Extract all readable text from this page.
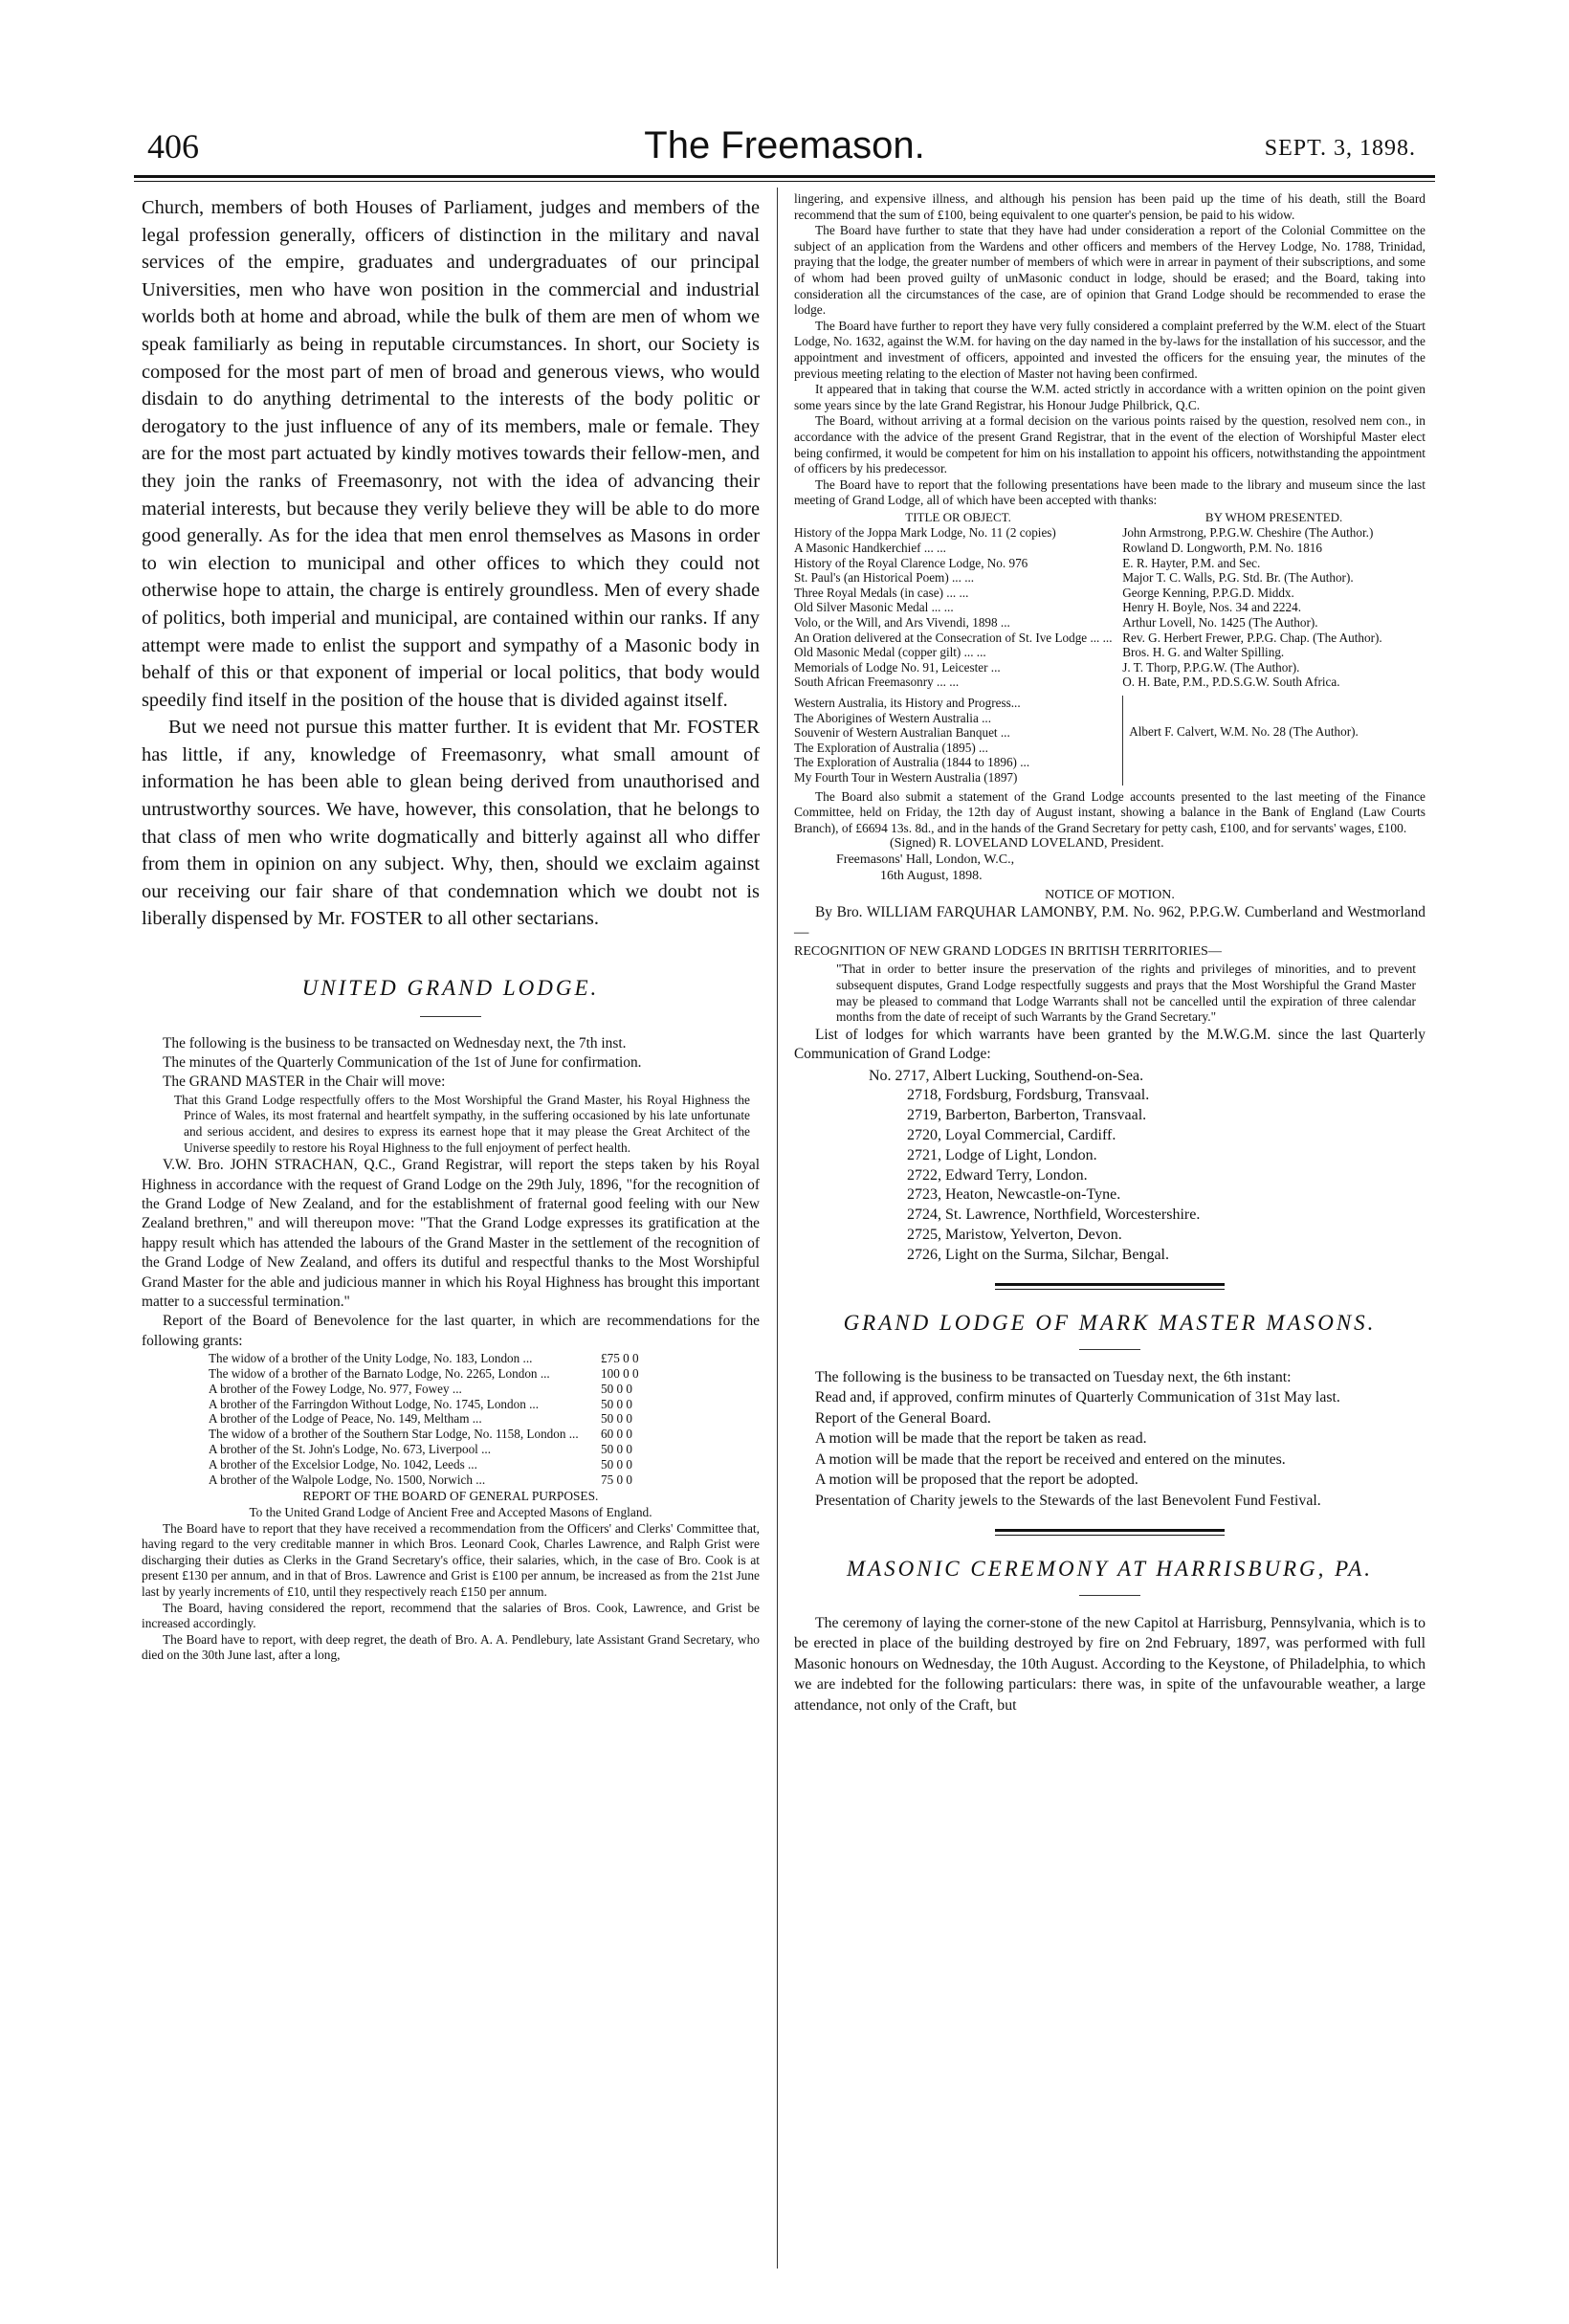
406	The Freemason.	SEPT. 3, 1898.

Church, members of both Houses of Parliament, judges and members of the legal profession generally, officers of distinction in the military and naval services of the empire, graduates and undergraduates of our principal Universities, men who have won position in the commercial and industrial worlds both at home and abroad, while the bulk of them are men of whom we speak familiarly as being in reputable circumstances. In short, our Society is composed for the most part of men of broad and generous views, who would disdain to do anything detrimental to the interests of the body politic or derogatory to the just influence of any of its members, male or female. They are for the most part actuated by kindly motives towards their fellow-men, and they join the ranks of Freemasonry, not with the idea of advancing their material interests, but because they verily believe they will be able to do more good generally. As for the idea that men enrol themselves as Masons in order to win election to municipal and other offices to which they could not otherwise hope to attain, the charge is entirely groundless. Men of every shade of politics, both imperial and municipal, are contained within our ranks. If any attempt were made to enlist the support and sympathy of a Masonic body in behalf of this or that exponent of imperial or local politics, that body would speedily find itself in the position of the house that is divided against itself.

But we need not pursue this matter further. It is evident that Mr. FOSTER has little, if any, knowledge of Freemasonry, what small amount of information he has been able to glean being derived from unauthorised and untrustworthy sources. We have, however, this consolation, that he belongs to that class of men who write dogmatically and bitterly against all who differ from them in opinion on any subject. Why, then, should we exclaim against our receiving our fair share of that condemnation which we doubt not is liberally dispensed by Mr. FOSTER to all other sectarians.

UNITED GRAND LODGE.

The following is the business to be transacted on Wednesday next, the 7th inst.

The minutes of the Quarterly Communication of the 1st of June for confirmation.

The GRAND MASTER in the Chair will move:

That this Grand Lodge respectfully offers to the Most Worshipful the Grand Master, his Royal Highness the Prince of Wales, its most fraternal and heartfelt sympathy, in the suffering occasioned by his late unfortunate and serious accident, and desires to express its earnest hope that it may please the Great Architect of the Universe speedily to restore his Royal Highness to the full enjoyment of perfect health.

V.W. Bro. JOHN STRACHAN, Q.C., Grand Registrar, will report the steps taken by his Royal Highness in accordance with the request of Grand Lodge on the 29th July, 1896, "for the recognition of the Grand Lodge of New Zealand, and for the establishment of fraternal good feeling with our New Zealand brethren," and will thereupon move: "That the Grand Lodge expresses its gratification at the happy result which has attended the labours of the Grand Master in the settlement of the recognition of the Grand Lodge of New Zealand, and offers its dutiful and respectful thanks to the Most Worshipful Grand Master for the able and judicious manner in which his Royal Highness has brought this important matter to a successful termination."

Report of the Board of Benevolence for the last quarter, in which are recommendations for the following grants:

The widow of a brother of the Unity Lodge, No. 183, London ...	£75 0 0
The widow of a brother of the Barnato Lodge, No. 2265, London ...	100 0 0
A brother of the Fowey Lodge, No. 977, Fowey ...	50 0 0
A brother of the Farringdon Without Lodge, No. 1745, London ...	50 0 0
A brother of the Lodge of Peace, No. 149, Meltham ...	50 0 0
The widow of a brother of the Southern Star Lodge, No. 1158, London ...	60 0 0
A brother of the St. John's Lodge, No. 673, Liverpool ...	50 0 0
A brother of the Excelsior Lodge, No. 1042, Leeds ...	50 0 0
A brother of the Walpole Lodge, No. 1500, Norwich ...	75 0 0
REPORT OF THE BOARD OF GENERAL PURPOSES.
To the United Grand Lodge of Ancient Free and Accepted Masons of England.

The Board have to report that they have received a recommendation from the Officers' and Clerks' Committee that, having regard to the very creditable manner in which Bros. Leonard Cook, Charles Lawrence, and Ralph Grist were discharging their duties as Clerks in the Grand Secretary's office, their salaries, which, in the case of Bro. Cook is at present £130 per annum, and in that of Bros. Lawrence and Grist is £100 per annum, be increased as from the 21st June last by yearly increments of £10, until they respectively reach £150 per annum.

The Board, having considered the report, recommend that the salaries of Bros. Cook, Lawrence, and Grist be increased accordingly.

The Board have to report, with deep regret, the death of Bro. A. A. Pendlebury, late Assistant Grand Secretary, who died on the 30th June last, after a long,

lingering, and expensive illness, and although his pension has been paid up the time of his death, still the Board recommend that the sum of £100, being equivalent to one quarter's pension, be paid to his widow.

The Board have further to state that they have had under consideration a report of the Colonial Committee on the subject of an application from the Wardens and other officers and members of the Hervey Lodge, No. 1788, Trinidad, praying that the lodge, the greater number of members of which were in arrear in payment of their subscriptions, and some of whom had been proved guilty of unMasonic conduct in lodge, should be erased; and the Board, taking into consideration all the circumstances of the case, are of opinion that Grand Lodge should be recommended to erase the lodge.

The Board have further to report they have very fully considered a complaint preferred by the W.M. elect of the Stuart Lodge, No. 1632, against the W.M. for having on the day named in the by-laws for the installation of his successor, and the appointment and investment of officers, appointed and invested the officers for the ensuing year, the minutes of the previous meeting relating to the election of Master not having been confirmed.

It appeared that in taking that course the W.M. acted strictly in accordance with a written opinion on the point given some years since by the late Grand Registrar, his Honour Judge Philbrick, Q.C.

The Board, without arriving at a formal decision on the various points raised by the question, resolved nem con., in accordance with the advice of the present Grand Registrar, that in the event of the election of Worshipful Master elect being confirmed, it would be competent for him on his installation to appoint his officers, notwithstanding the appointment of officers by his predecessor.

The Board have to report that the following presentations have been made to the library and museum since the last meeting of Grand Lodge, all of which have been accepted with thanks:

TITLE OR OBJECT.	BY WHOM PRESENTED.
History of the Joppa Mark Lodge, No. 11 (2 copies)	John Armstrong, P.P.G.W. Cheshire (The Author.)
A Masonic Handkerchief ... ...	Rowland D. Longworth, P.M. No. 1816
History of the Royal Clarence Lodge, No. 976	E. R. Hayter, P.M. and Sec.
St. Paul's (an Historical Poem) ... ...	Major T. C. Walls, P.G. Std. Br. (The Author).
Three Royal Medals (in case) ... ...	George Kenning, P.P.G.D. Middx.
Old Silver Masonic Medal ... ...	Henry H. Boyle, Nos. 34 and 2224.
Volo, or the Will, and Ars Vivendi, 1898 ...	Arthur Lovell, No. 1425 (The Author).
An Oration delivered at the Consecration of St. Ive Lodge ... ...	Rev. G. Herbert Frewer, P.P.G. Chap. (The Author).
Old Masonic Medal (copper gilt) ... ...	Bros. H. G. and Walter Spilling.
Memorials of Lodge No. 91, Leicester ...	J. T. Thorp, P.P.G.W. (The Author).
South African Freemasonry ... ...	O. H. Bate, P.M., P.D.S.G.W. South Africa.
Western Australia, its History and Progress...
The Aborigines of Western Australia ...
Souvenir of Western Australian Banquet ...
The Exploration of Australia (1895) ...
The Exploration of Australia (1844 to 1896) ...
My Fourth Tour in Western Australia (1897)
Albert F. Calvert, W.M. No. 28 (The Author).

The Board also submit a statement of the Grand Lodge accounts presented to the last meeting of the Finance Committee, held on Friday, the 12th day of August instant, showing a balance in the Bank of England (Law Courts Branch), of £6694 13s. 8d., and in the hands of the Grand Secretary for petty cash, £100, and for servants' wages, £100.

(Signed) R. LOVELAND LOVELAND, President.
Freemasons' Hall, London, W.C.,
16th August, 1898.
NOTICE OF MOTION.

By Bro. WILLIAM FARQUHAR LAMONBY, P.M. No. 962, P.P.G.W. Cumberland and Westmorland—

RECOGNITION OF NEW GRAND LODGES IN BRITISH TERRITORIES—

"That in order to better insure the preservation of the rights and privileges of minorities, and to prevent subsequent disputes, Grand Lodge respectfully suggests and prays that the Most Worshipful the Grand Master may be pleased to command that Lodge Warrants shall not be cancelled until the expiration of three calendar months from the date of receipt of such Warrants by the Grand Secretary."

List of lodges for which warrants have been granted by the M.W.G.M. since the last Quarterly Communication of Grand Lodge:

No. 2717, Albert Lucking, Southend-on-Sea.
2718, Fordsburg, Fordsburg, Transvaal.
2719, Barberton, Barberton, Transvaal.
2720, Loyal Commercial, Cardiff.
2721, Lodge of Light, London.
2722, Edward Terry, London.
2723, Heaton, Newcastle-on-Tyne.
2724, St. Lawrence, Northfield, Worcestershire.
2725, Maristow, Yelverton, Devon.
2726, Light on the Surma, Silchar, Bengal.
GRAND LODGE OF MARK MASTER MASONS.

The following is the business to be transacted on Tuesday next, the 6th instant:

Read and, if approved, confirm minutes of Quarterly Communication of 31st May last.

Report of the General Board.

A motion will be made that the report be taken as read.

A motion will be made that the report be received and entered on the minutes.

A motion will be proposed that the report be adopted.

Presentation of Charity jewels to the Stewards of the last Benevolent Fund Festival.

MASONIC CEREMONY AT HARRISBURG, PA.

The ceremony of laying the corner-stone of the new Capitol at Harrisburg, Pennsylvania, which is to be erected in place of the building destroyed by fire on 2nd February, 1897, was performed with full Masonic honours on Wednesday, the 10th August. According to the Keystone, of Philadelphia, to which we are indebted for the following particulars: there was, in spite of the unfavourable weather, a large attendance, not only of the Craft, but
